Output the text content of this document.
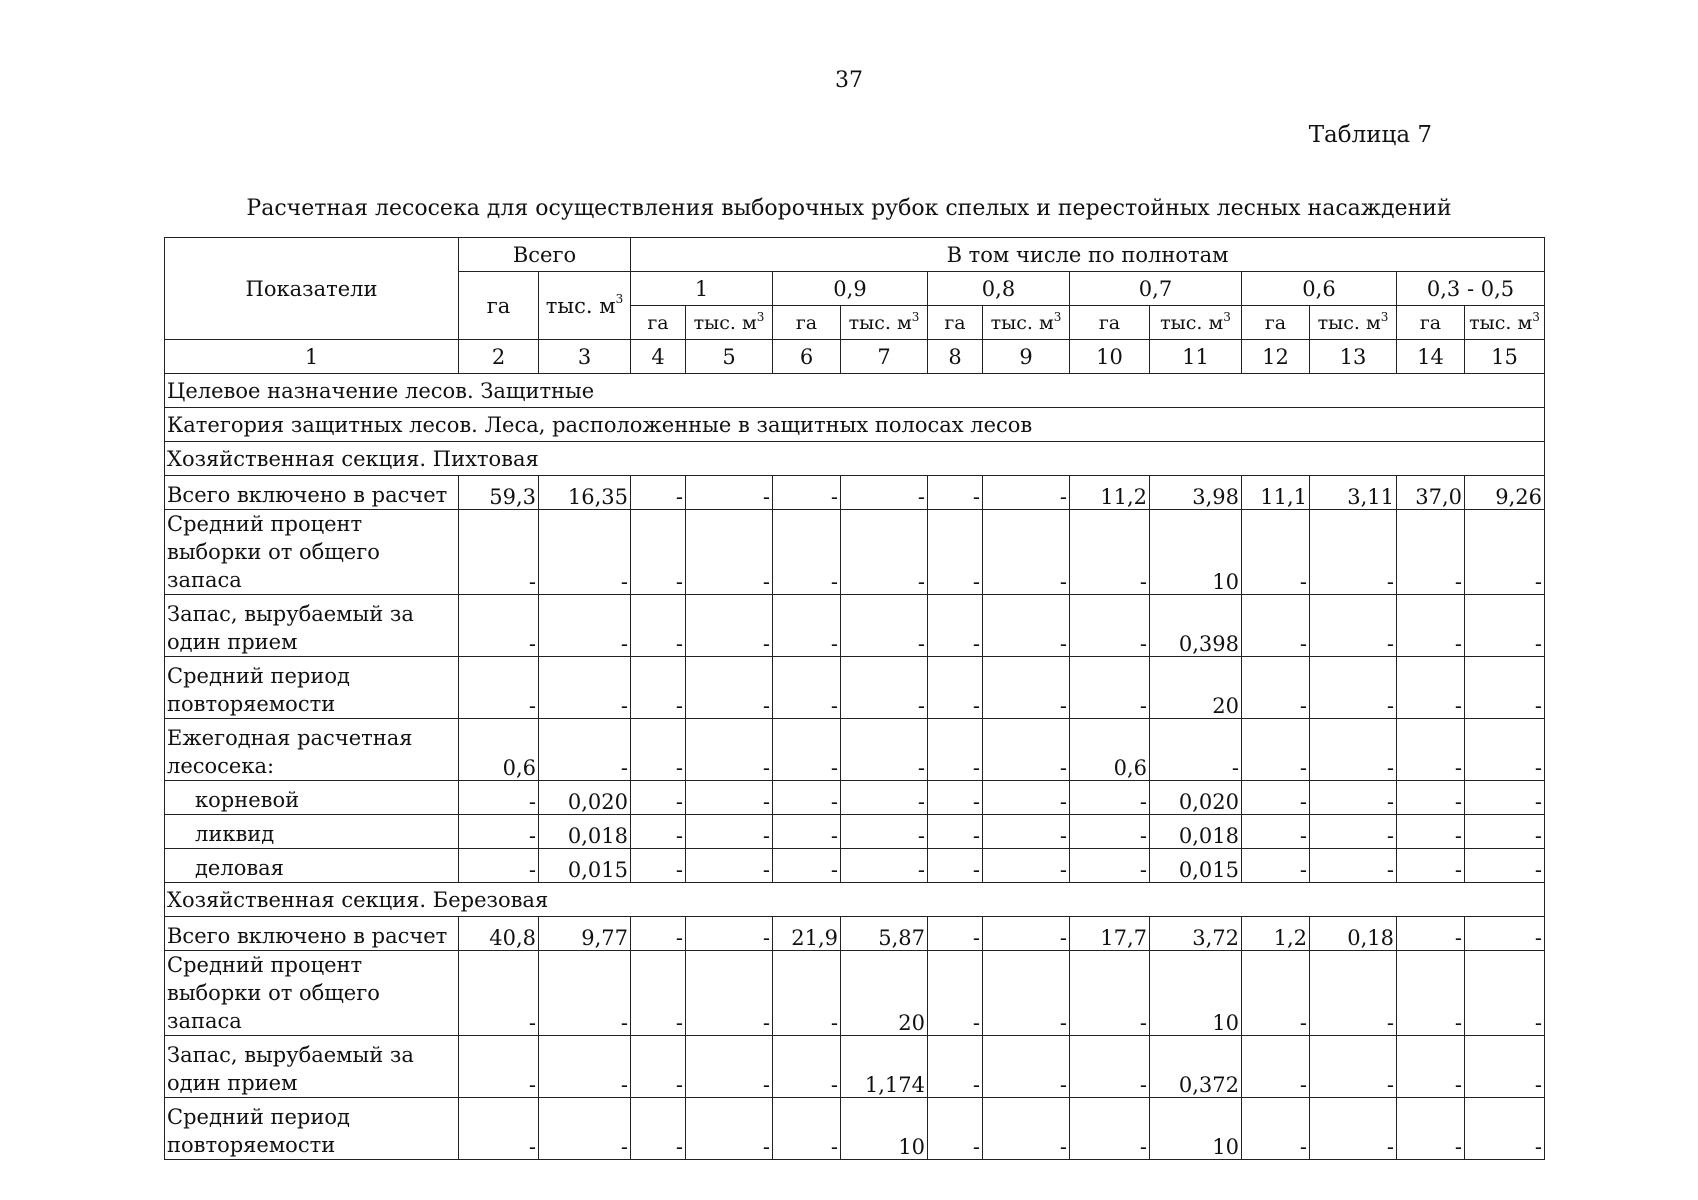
37
Таблица 7
Расчетная лесосека для осуществления выборочных рубок спелых и перестойных лесных насаждений
Показатели	Всего		В том числе по полнотам											
	га	тыс. $м^3$	1		0,9		0,8		0,7		0,6		0,3 - 0,5	
			га	тыс. $м^3$	га	тыс. $м^3$	га	тыс. $м^3$	га	тыс. $м^3$	га	тыс. $м^3$	га	тыс. $м^3$
1	2	3	4	5	6	7	8	9	10	11	12	13	14	15
Целевое назначение лесов. Защитные														
Категория защитных лесов. Леса, расположенные в защитных полосах лесов														
Хозяйственная секция. Пихтовая														
Всего включено в расчет	59,3	16,35	-	-	-	-	-	-	11,2	3,98	11,1	3,11	37,0	9,26
Средний процент выборки от общего запаса	-	-	-	-	-	-	-	-	-	10	-	-	-	-
Запас, вырубаемый за один прием	-	-	-	-	-	-	-	-	-	0,398	-	-	-	-
Средний период повторяемости	-	-	-	-	-	-	-	-	-	20	-	-	-	-
Ежегодная расчетная лесосека:	0,6	-	-	-	-	-	-	-	0,6	-	-	-	-	-
корневой	-	0,020	-	-	-	-	-	-	-	0,020	-	-	-	-
ликвид	-	0,018	-	-	-	-	-	-	-	0,018	-	-	-	-
деловая	-	0,015	-	-	-	-	-	-	-	0,015	-	-	-	-
Хозяйственная секция. Березовая														
Всего включено в расчет	40,8	9,77	-	-	21,9	5,87	-	-	17,7	3,72	1,2	0,18	-	-
Средний процент выборки от общего запаса	-	-	-	-	-	20	-	-	-	10	-	-	-	-
Запас, вырубаемый за один прием	-	-	-	-	-	1,174	-	-	-	0,372	-	-	-	-
Средний период повторяемости	-	-	-	-	-	10	-	-	-	10	-	-	-	-
